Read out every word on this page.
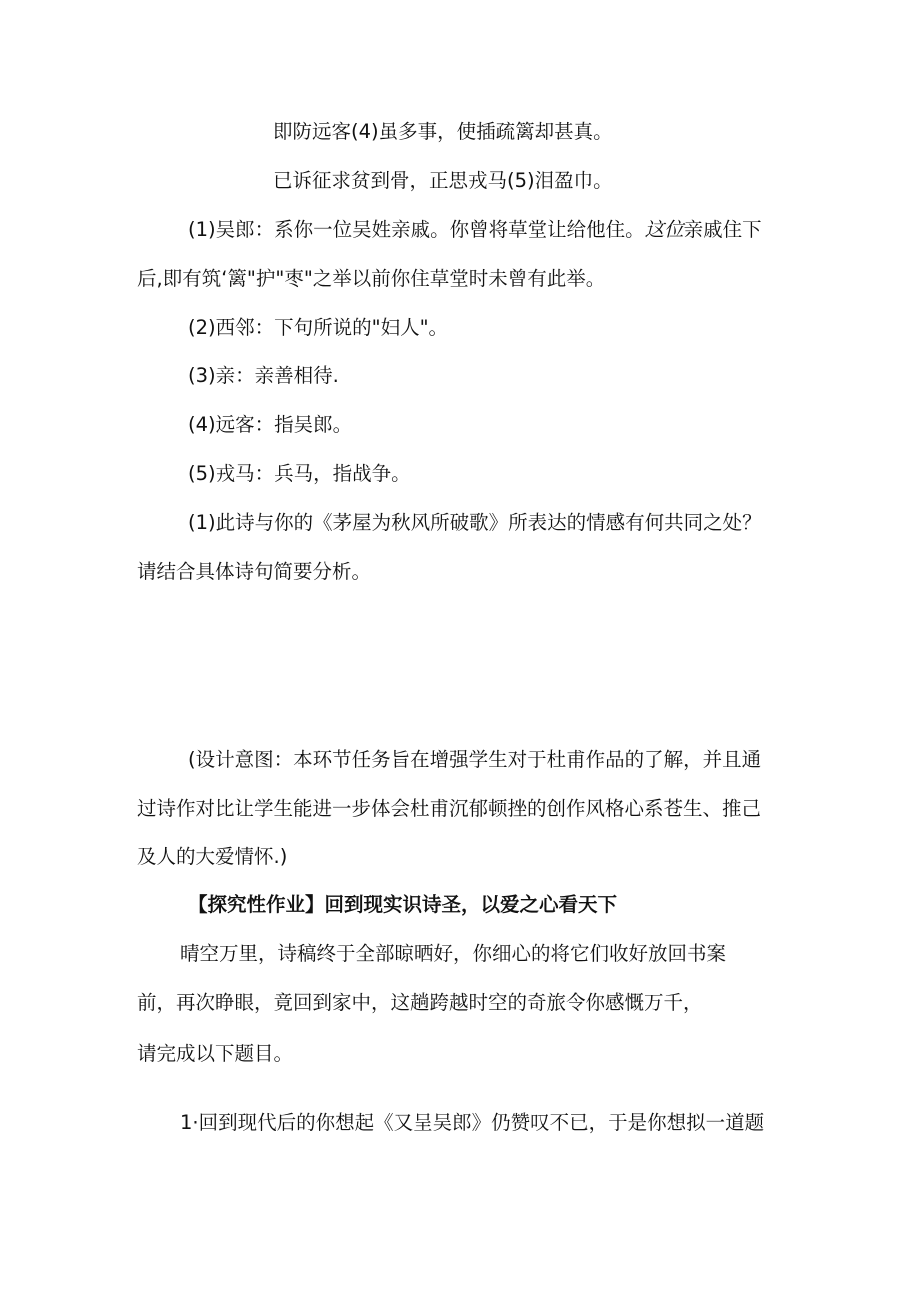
即防远客(4)虽多事，使插疏篱却甚真。
已诉征求贫到骨，正思戎马(5)泪盈巾。
(1)吴郎：系你一位吴姓亲戚。你曾将草堂让给他住。这位亲戚住下
后,即有筑‘篱"护"枣"之举以前你住草堂时未曾有此举。
(2)西邻：下句所说的"妇人"。
(3)亲：亲善相待.
(4)远客：指吴郎。
(5)戎马：兵马，指战争。
(1)此诗与你的《茅屋为秋风所破歌》所表达的情感有何共同之处？
请结合具体诗句简要分析。
(设计意图：本环节任务旨在增强学生对于杜甫作品的了解，并且通
过诗作对比让学生能进一步体会杜甫沉郁顿挫的创作风格心系苍生、推己
及人的大爱情怀.)
【探究性作业】回到现实识诗圣，以爱之心看天下
晴空万里，诗稿终于全部晾晒好，你细心的将它们收好放回书案
前，再次睁眼，竟回到家中，这趟跨越时空的奇旅令你感慨万千，
请完成以下题目。
1·回到现代后的你想起《又呈吴郎》仍赞叹不已，于是你想拟一道题
